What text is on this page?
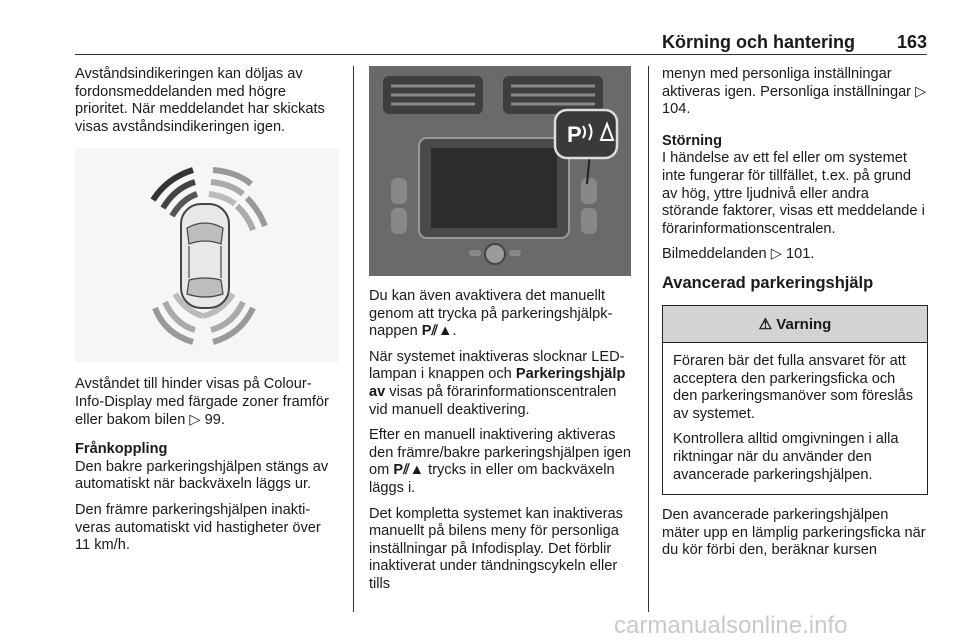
Körning och hantering 163

Avståndsindikeringen kan döljas av fordonsmeddelanden med högre prioritet. När meddelandet har skickats visas avståndsindikeringen igen.

Avståndet till hinder visas på Colour-Info-Display med färgade zoner framför eller bakom bilen ▷ 99.

Frånkoppling

Den bakre parkeringshjälpen stängs av automatiskt när backväxeln läggs ur.

Den främre parkeringshjälpen inaktiveras automatiskt vid hastigheter över 11 km/h.

P

Du kan även avaktivera det manuellt genom att trycka på parkeringshjälpknappen P⫽▲.

När systemet inaktiveras slocknar LED-lampan i knappen och Parkeringshjälp av visas på förarinformationscentralen vid manuell deaktivering.

Efter en manuell inaktivering aktiveras den främre/bakre parkeringshjälpen igen om P⫽▲ trycks in eller om backväxeln läggs i.

Det kompletta systemet kan inaktiveras manuellt på bilens meny för personliga inställningar på Infodisplay. Det förblir inaktiverat under tändningscykeln eller tills

menyn med personliga inställningar aktiveras igen. Personliga inställningar ▷ 104.

Störning

I händelse av ett fel eller om systemet inte fungerar för tillfället, t.ex. på grund av hög, yttre ljudnivå eller andra störande faktorer, visas ett meddelande i förarinformationscentralen.

Bilmeddelanden ▷ 101.

Avancerad parkeringshjälp
⚠ Varning

Föraren bär det fulla ansvaret för att acceptera den parkeringsficka och den parkeringsmanöver som föreslås av systemet.

Kontrollera alltid omgivningen i alla riktningar när du använder den avancerade parkeringshjälpen.

Den avancerade parkeringshjälpen mäter upp en lämplig parkeringsficka när du kör förbi den, beräknar kursen

carmanualsonline.info
